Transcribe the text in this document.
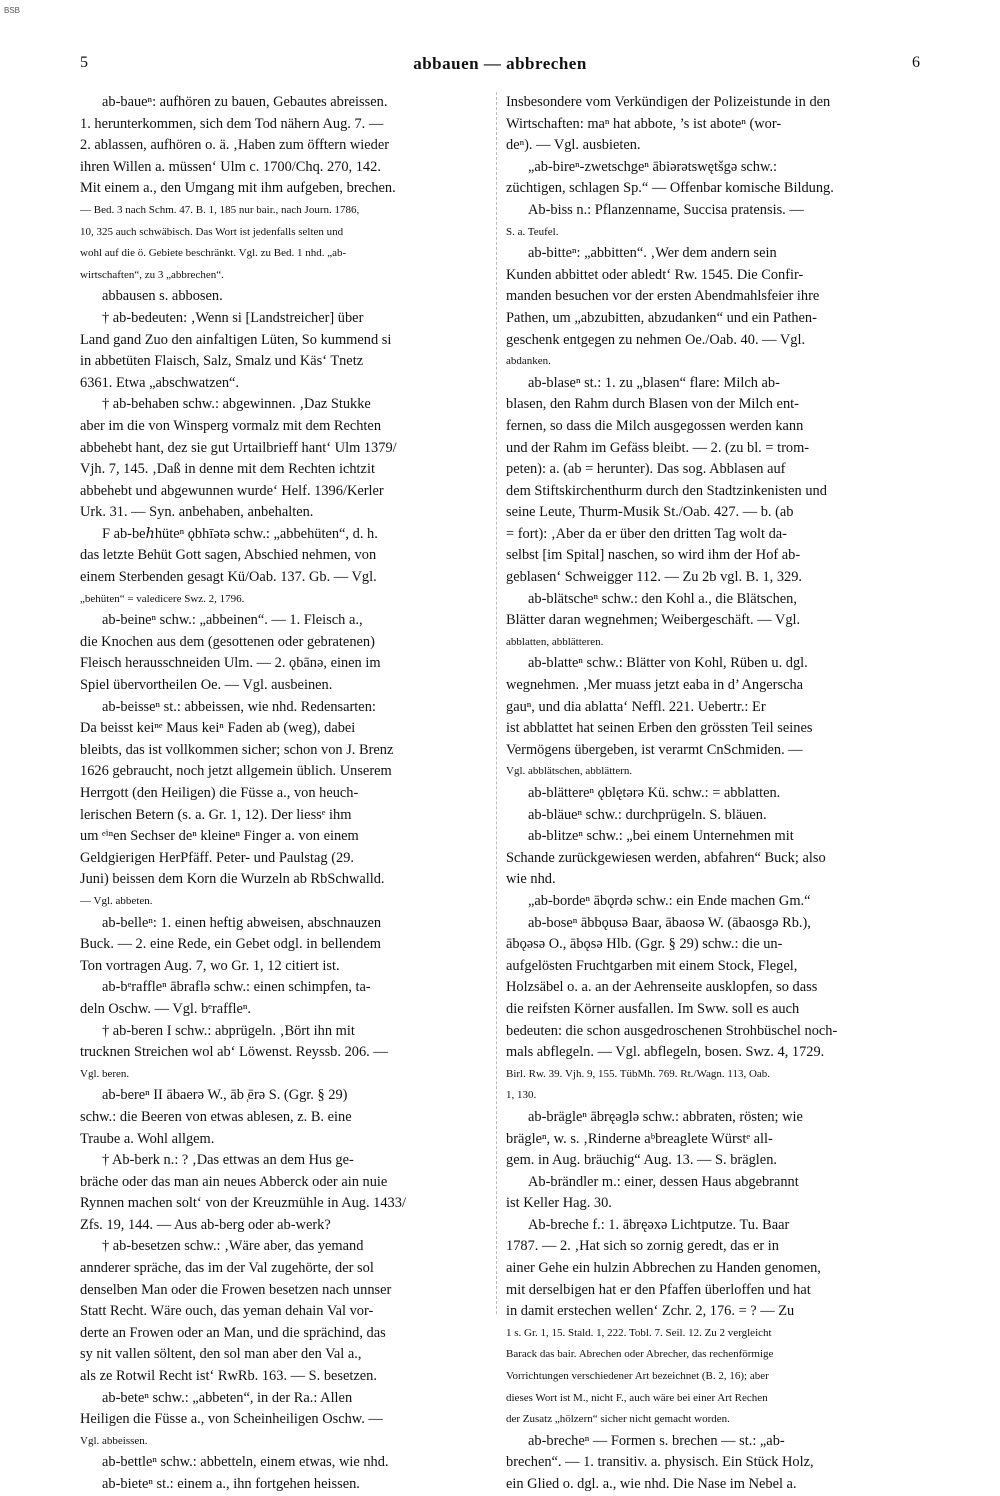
BSB
5	abbauen — abbrechen	6
ab-baueⁿ: aufhören zu bauen, Gebautes abreissen.
1. herunterkommen, sich dem Tod nähern Aug. 7. —
2. ablassen, aufhören o. ä. ‚Haben zum öfftern wieder
ihren Willen a. müssen‘ Ulm c. 1700/Chq. 270, 142.
Mit einem a., den Umgang mit ihm aufgeben, brechen.
— Bed. 3 nach Schm. 47. B. 1, 185 nur bair., nach Journ. 1786,
10, 325 auch schwäbisch. Das Wort ist jedenfalls selten und
wohl auf die ö. Gebiete beschränkt. Vgl. zu Bed. 1 nhd. „ab-
wirtschaften“, zu 3 „abbrechen“.
abbausen s. abbosen.
† ab-bedeuten: ‚Wenn si [Landstreicher] über
Land gand Zuo den ainfaltigen Lüten, So kummend si
in abbetüten Flaisch, Salz, Smalz und Käs‘ Tnetz
6361. Etwa „abschwatzen“.
† ab-behaben schw.: abgewinnen. ‚Daz Stukke
aber im die von Winsperg vormalz mit dem Rechten
abbehebt hant, dez sie gut Urtailbrieff hant‘ Ulm 1379/
Vjh. 7, 145. ‚Daß in denne mit dem Rechten ichtzit
abbehebt und abgewunnen wurde‘ Helf. 1396/Kerler
Urk. 31. — Syn. anbehaben, anbehalten.
F ab-beℎhüteⁿ ǫbhīətə schw.: „abbehüten“, d. h.
das letzte Behüt Gott sagen, Abschied nehmen, von
einem Sterbenden gesagt Kü/Oab. 137. Gb. — Vgl.
„behüten“ = valedicere Swz. 2, 1796.
ab-beineⁿ schw.: „abbeinen“. — 1. Fleisch a.,
die Knochen aus dem (gesottenen oder gebratenen)
Fleisch herausschneiden Ulm. — 2. ǫbānə, einen im
Spiel übervortheilen Oe. — Vgl. ausbeinen.
ab-beisseⁿ st.: abbeissen, wie nhd. Redensarten:
Da beisst keiⁿᵉ Maus keiⁿ Faden ab (weg), dabei
bleibts, das ist vollkommen sicher; schon von J. Brenz
1626 gebraucht, noch jetzt allgemein üblich. Unserem
Herrgott (den Heiligen) die Füsse a., von heuch-
lerischen Betern (s. a. Gr. 1, 12). Der liessᵉ ihm
um ᵉⁱⁿen Sechser deⁿ kleineⁿ Finger a. von einem
Geldgierigen HerPfäff. Peter- und Paulstag (29.
Juni) beissen dem Korn die Wurzeln ab RbSchwalld.
— Vgl. abbeten.
ab-belleⁿ: 1. einen heftig abweisen, abschnauzen
Buck. — 2. eine Rede, ein Gebet odgl. in bellendem
Ton vortragen Aug. 7, wo Gr. 1, 12 citiert ist.
ab-bᵉraffleⁿ ābraflə schw.: einen schimpfen, ta-
deln Oschw. — Vgl. bᵉraffleⁿ.
† ab-beren I schw.: abprügeln. ‚Bört ihn mit
trucknen Streichen wol ab‘ Löwenst. Reyssb. 206. —
Vgl. beren.
ab-bereⁿ II ābaerə W., āb ̜ērə S. (Ggr. § 29)
schw.: die Beeren von etwas ablesen, z. B. eine
Traube a. Wohl allgem.
† Ab-berk n.: ? ‚Das ettwas an dem Hus ge-
bräche oder das man ain neues Abberck oder ain nuie
Rynnen machen solt‘ von der Kreuzmühle in Aug. 1433/
Zfs. 19, 144. — Aus ab-berg oder ab-werk?
† ab-besetzen schw.: ‚Wäre aber, das yemand
annderer spräche, das im der Val zugehörte, der sol
denselben Man oder die Frowen besetzen nach unnser
Statt Recht. Wäre ouch, das yeman dehain Val vor-
derte an Frowen oder an Man, und die sprächind, das
sy nit vallen söltent, den sol man aber den Val a.,
als ze Rotwil Recht ist‘ RwRb. 163. — S. besetzen.
ab-beteⁿ schw.: „abbeten“, in der Ra.: Allen
Heiligen die Füsse a., von Scheinheiligen Oschw. —
Vgl. abbeissen.
ab-bettleⁿ schw.: abbetteln, einem etwas, wie nhd.
ab-bieteⁿ st.: einem a., ihn fortgehen heissen.
Insbesondere vom Verkündigen der Polizeistunde in den
Wirtschaften: maⁿ hat abbote, ’s ist aboteⁿ (wor-
deⁿ). — Vgl. ausbieten.
„ab-bireⁿ-zwetschgeⁿ ābiərətswętšgə schw.:
züchtigen, schlagen Sp.“ — Offenbar komische Bildung.
Ab-biss n.: Pflanzenname, Succisa pratensis. —
S. a. Teufel.
ab-bitteⁿ: „abbitten“. ‚Wer dem andern sein
Kunden abbittet oder abledt‘ Rw. 1545. Die Confir-
manden besuchen vor der ersten Abendmahlsfeier ihre
Pathen, um „abzubitten, abzudanken“ und ein Pathen-
geschenk entgegen zu nehmen Oe./Oab. 40. — Vgl.
abdanken.
ab-blaseⁿ st.: 1. zu „blasen“ flare: Milch ab-
blasen, den Rahm durch Blasen von der Milch ent-
fernen, so dass die Milch ausgegossen werden kann
und der Rahm im Gefäss bleibt. — 2. (zu bl. = trom-
peten): a. (ab = herunter). Das sog. Abblasen auf
dem Stiftskirchenthurm durch den Stadtzinkenisten und
seine Leute, Thurm-Musik St./Oab. 427. — b. (ab
= fort): ‚Aber da er über den dritten Tag wolt da-
selbst [im Spital] naschen, so wird ihm der Hof ab-
geblasen‘ Schweigger 112. — Zu 2b vgl. B. 1, 329.
ab-blätscheⁿ schw.: den Kohl a., die Blätschen,
Blätter daran wegnehmen; Weibergeschäft. — Vgl.
abblatten, abblätteren.
ab-blatteⁿ schw.: Blätter von Kohl, Rüben u. dgl.
wegnehmen. ‚Mer muass jetzt eaba in d’ Angerscha
gauⁿ, und dia ablatta‘ Neffl. 221. Uebertr.: Er
ist abblattet hat seinen Erben den grössten Teil seines
Vermögens übergeben, ist verarmt CnSchmiden. —
Vgl. abblätschen, abblättern.
ab-blättereⁿ ǫblętərə Kü. schw.: = abblatten.
ab-bläueⁿ schw.: durchprügeln. S. bläuen.
ab-blitzeⁿ schw.: „bei einem Unternehmen mit
Schande zurückgewiesen werden, abfahren“ Buck; also
wie nhd.
„ab-bordeⁿ ābǫrdə schw.: ein Ende machen Gm.“
ab-boseⁿ ābbǫusə Baar, ābaosə W. (ābaosgə Rb.),
ābǫəsə O., ābǫsə Hlb. (Ggr. § 29) schw.: die un-
aufgelösten Fruchtgarben mit einem Stock, Flegel,
Holzsäbel o. a. an der Aehrenseite ausklopfen, so dass
die reifsten Körner ausfallen. Im Sww. soll es auch
bedeuten: die schon ausgedroschenen Strohbüschel noch-
mals abflegeln. — Vgl. abflegeln, bosen. Swz. 4, 1729.
Birl. Rw. 39. Vjh. 9, 155. TübMh. 769. Rt./Wagn. 113, Oab.
1, 130.
ab-brägleⁿ ābręəglə schw.: abbraten, rösten; wie
brägleⁿ, w. s. ‚Rinderne aᵇbreaglete Würstᵉ all-
gem. in Aug. bräuchig“ Aug. 13. — S. bräglen.
Ab-brändler m.: einer, dessen Haus abgebrannt
ist Keller Hag. 30.
Ab-breche f.: 1. ābręəxə Lichtputze. Tu. Baar
1787. — 2. ‚Hat sich so zornig geredt, das er in
ainer Gehe ein hulzin Abbrechen zu Handen genomen,
mit derselbigen hat er den Pfaffen überloffen und hat
in damit erstechen wellen‘ Zchr. 2, 176. = ? — Zu
1 s. Gr. 1, 15. Stald. 1, 222. Tobl. 7. Seil. 12. Zu 2 vergleicht
Barack das bair. Abrechen oder Abrecher, das rechenförmige
Vorrichtungen verschiedener Art bezeichnet (B. 2, 16); aber
dieses Wort ist M., nicht F., auch wäre bei einer Art Rechen
der Zusatz „hölzern“ sicher nicht gemacht worden.
ab-brecheⁿ — Formen s. brechen — st.: „ab-
brechen“. — 1. transitiv. a. physisch. Ein Stück Holz,
ein Glied o. dgl. a., wie nhd. Die Nase im Nebel a.
